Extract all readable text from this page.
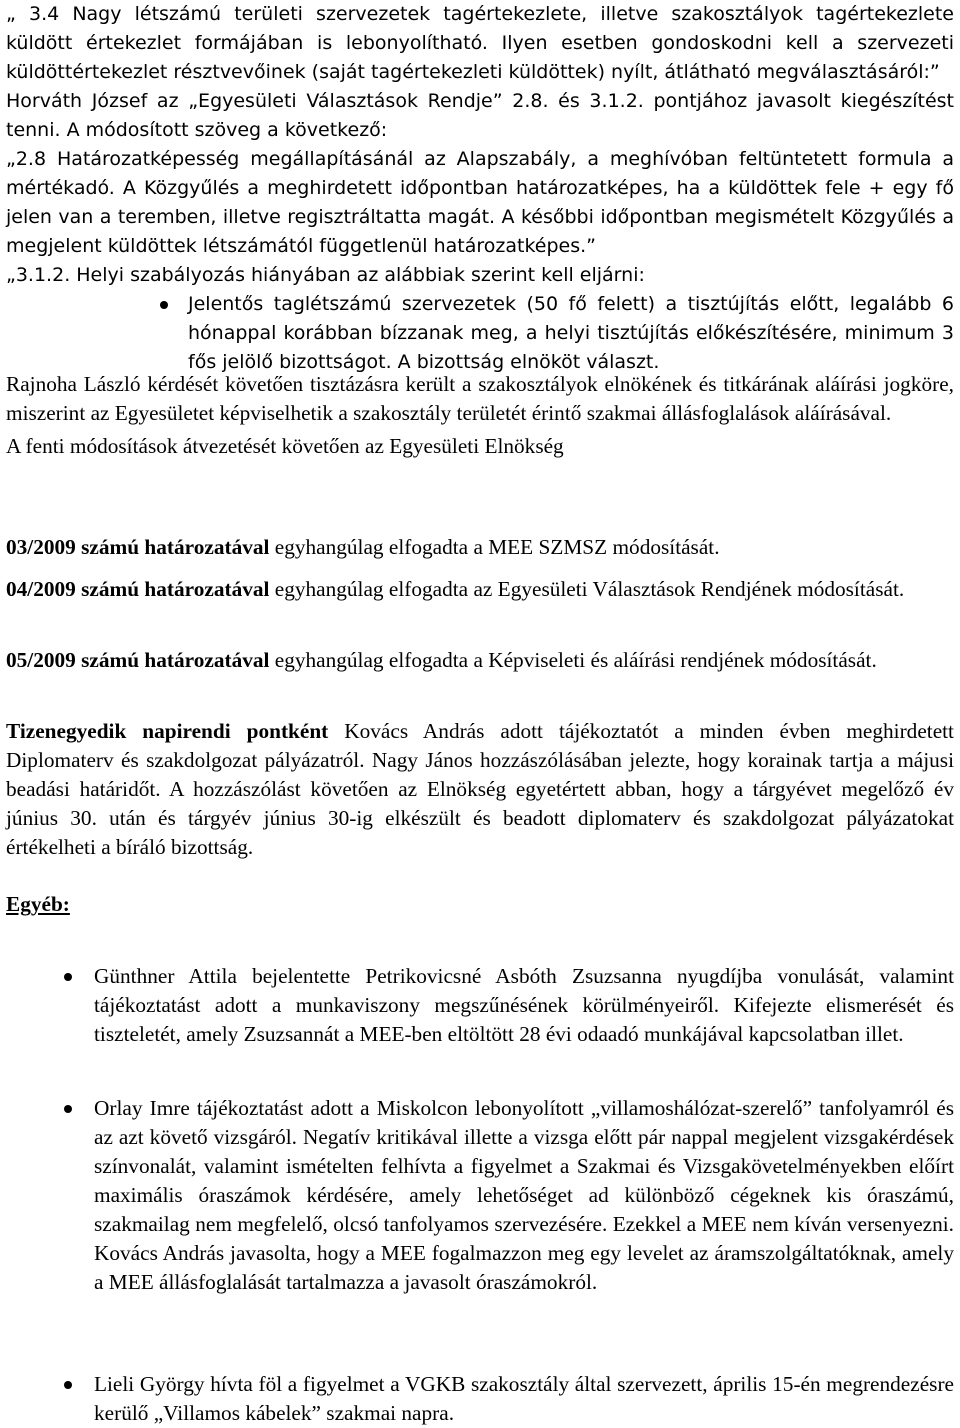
„ 3.4 Nagy létszámú területi szervezetek tagértekezlete, illetve szakosztályok tagértekezlete küldött értekezlet formájában is lebonyolítható. Ilyen esetben gondoskodni kell a szervezeti küldöttértekezlet résztvevőinek (saját tagértekezleti küldöttek) nyílt, átlátható megválasztásáról:”

Horváth József az „Egyesületi Választások Rendje” 2.8. és 3.1.2. pontjához javasolt kiegészítést tenni. A módosított szöveg a következő:

„2.8 Határozatképesség megállapításánál az Alapszabály, a meghívóban feltüntetett formula a mértékadó. A Közgyűlés a meghirdetett időpontban határozatképes, ha a küldöttek fele + egy fő jelen van a teremben, illetve regisztráltatta magát. A későbbi időpontban megismételt Közgyűlés a megjelent küldöttek létszámától függetlenül határozatképes.”

„3.1.2. Helyi szabályozás hiányában az alábbiak szerint kell eljárni:

Jelentős taglétszámú szervezetek (50 fő felett) a tisztújítás előtt, legalább 6 hónappal korábban bízzanak meg, a helyi tisztújítás előkészítésére, minimum 3 fős jelölő bizottságot. A bizottság elnököt választ.

Rajnoha László kérdését követően tisztázásra került a szakosztályok elnökének és titkárának aláírási jogköre, miszerint az Egyesületet képviselhetik a szakosztály területét érintő szakmai állásfoglalások aláírásával.

A fenti módosítások átvezetését követően az Egyesületi Elnökség

03/2009 számú határozatával egyhangúlag elfogadta a MEE SZMSZ módosítását.

04/2009 számú határozatával egyhangúlag elfogadta az Egyesületi Választások Rendjének módosítását.

05/2009 számú határozatával egyhangúlag elfogadta a Képviseleti és aláírási rendjének módosítását.

Tizenegyedik napirendi pontként Kovács András adott tájékoztatót a minden évben meghirdetett Diplomaterv és szakdolgozat pályázatról. Nagy János hozzászólásában jelezte, hogy korainak tartja a májusi beadási határidőt. A hozzászólást követően az Elnökség egyetértett abban, hogy a tárgyévet megelőző év június 30. után és tárgyév június 30-ig elkészült és beadott diplomaterv és szakdolgozat pályázatokat értékelheti a bíráló bizottság.

Egyéb:

Günthner Attila bejelentette Petrikovicsné Asbóth Zsuzsanna nyugdíjba vonulását, valamint tájékoztatást adott a munkaviszony megszűnésének körülményeiről. Kifejezte elismerését és tiszteletét, amely Zsuzsannát a MEE-ben eltöltött 28 évi odaadó munkájával kapcsolatban illet.
Orlay Imre tájékoztatást adott a Miskolcon lebonyolított „villamoshálózat-szerelő” tanfolyamról és az azt követő vizsgáról. Negatív kritikával illette a vizsga előtt pár nappal megjelent vizsgakérdések színvonalát, valamint ismételten felhívta a figyelmet a Szakmai és Vizsgakövetelményekben előírt maximális óraszámok kérdésére, amely lehetőséget ad különböző cégeknek kis óraszámú, szakmailag nem megfelelő, olcsó tanfolyamos szervezésére. Ezekkel a MEE nem kíván versenyezni. Kovács András javasolta, hogy a MEE fogalmazzon meg egy levelet az áramszolgáltatóknak, amely a MEE állásfoglalását tartalmazza a javasolt óraszámokról.
Lieli György hívta föl a figyelmet a VGKB szakosztály által szervezett, április 15-én megrendezésre kerülő „Villamos kábelek” szakmai napra.
